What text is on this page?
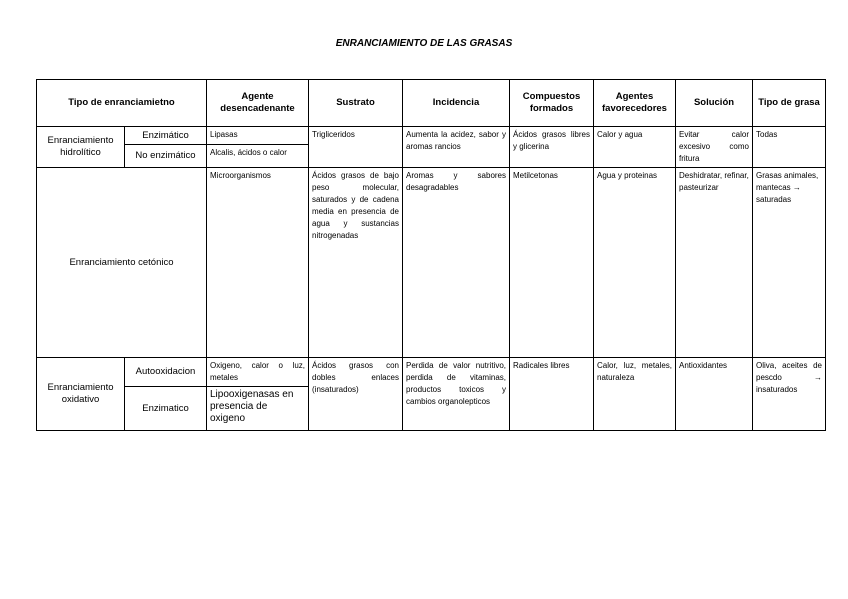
ENRANCIAMIENTO DE LAS GRASAS
Tipo de enranciamietno		Agente desencadenante	Sustrato	Incidencia	Compuestos formados	Agentes favorecedores	Solución	Tipo de grasa
Enranciamiento hidrolítico	Enzimático	Lipasas	Trigliceridos	Aumenta la acidez, sabor y aromas rancios	Ácidos grasos libres y glicerina	Calor y agua	Evitar calor excesivo como fritura	Todas
	No enzimático	Alcalis, ácidos o calor						
Enranciamiento cetónico		Microorganismos	Ácidos grasos de bajo peso molecular, saturados y de cadena media en presencia de agua y sustancias nitrogenadas	Aromas y sabores desagradables	Metilcetonas	Agua y proteinas	Deshidratar, refinar, pasteurizar	Grasas animales, mantecas → saturadas
Enranciamiento oxidativo	Autooxidacion	Oxigeno, calor o luz, metales	Ácidos grasos con dobles enlaces (insaturados)	Perdida de valor nutritivo, perdida de vitaminas, productos toxicos y cambios organolepticos	Radicales libres	Calor, luz, metales, naturaleza	Antioxidantes	Oliva, aceites de pescdo → insaturados
	Enzimatico	Lipooxigenasas en presencia de oxigeno						
